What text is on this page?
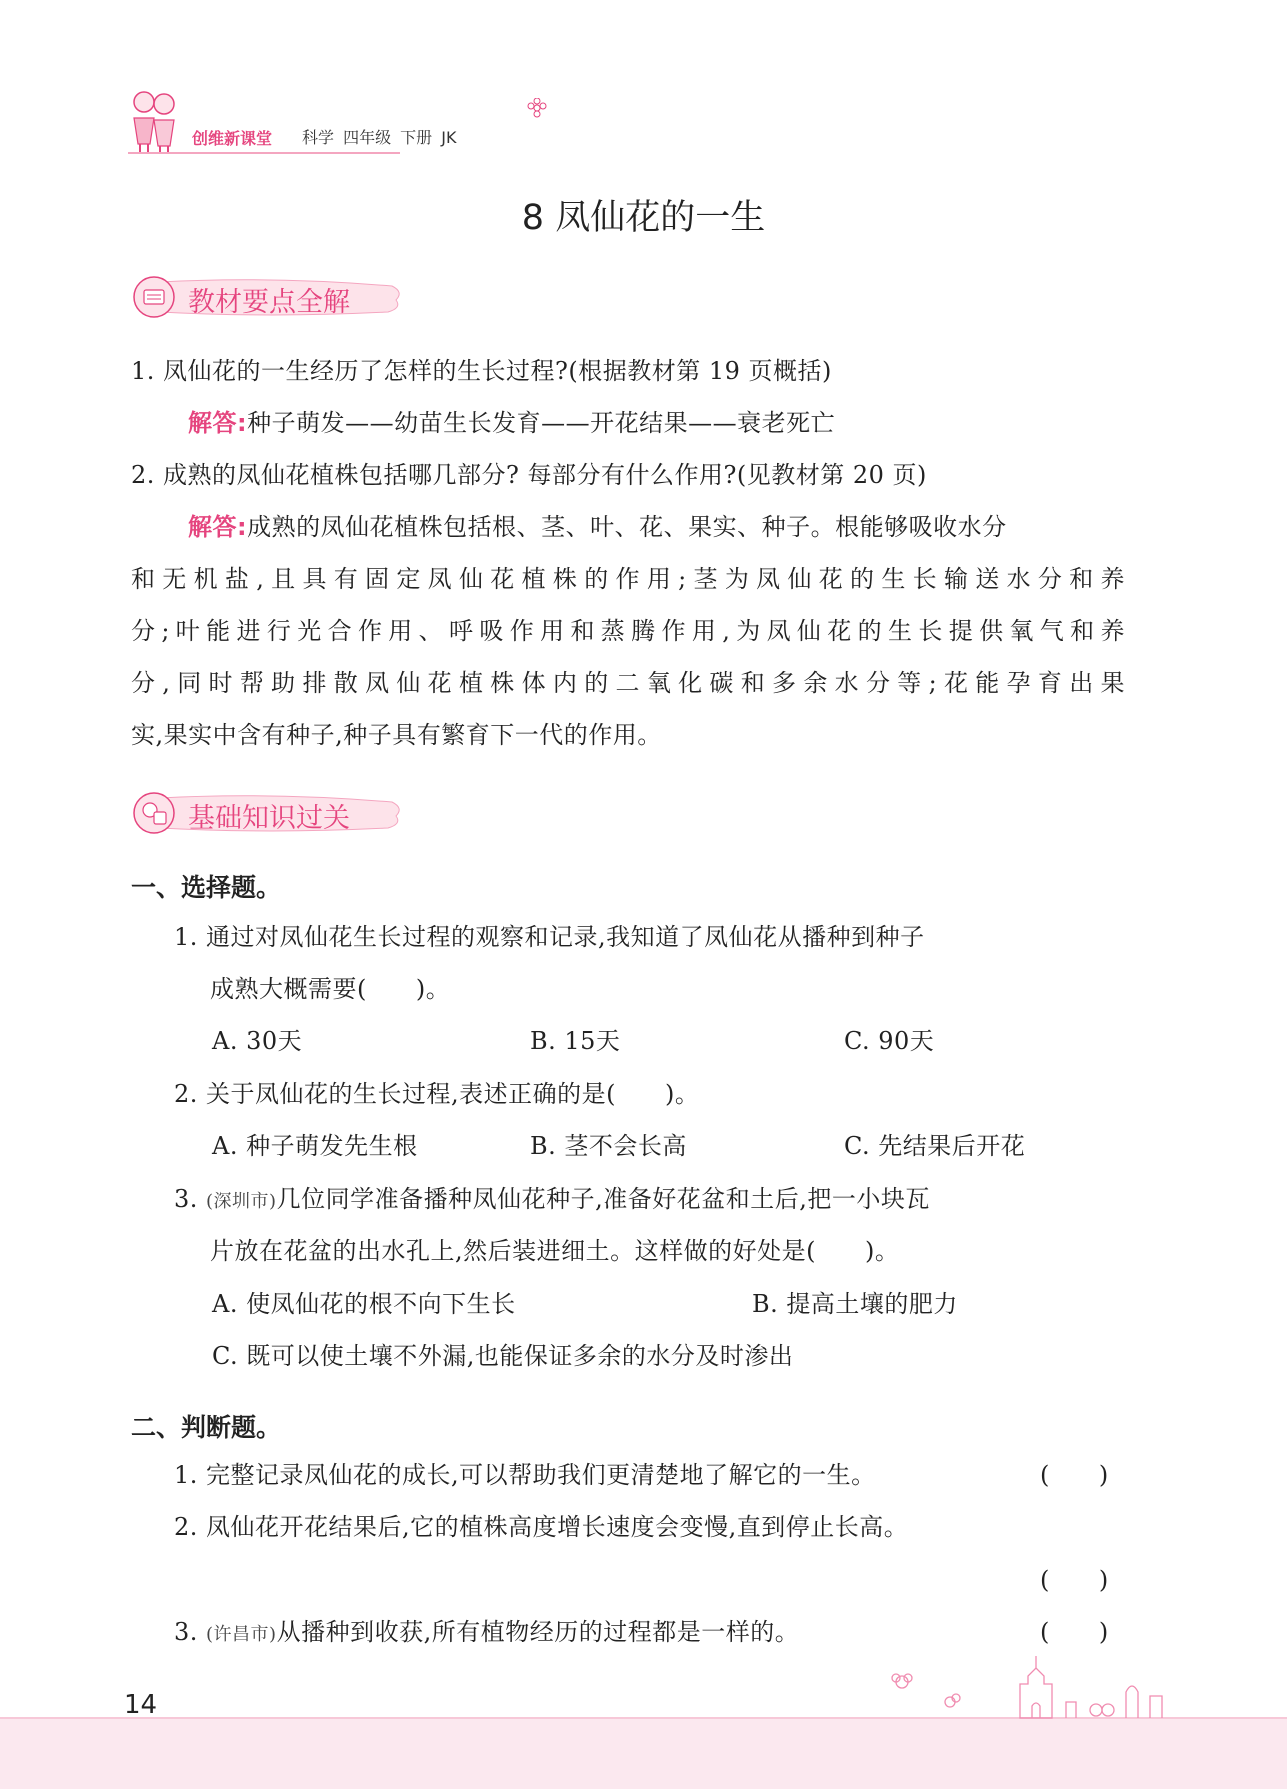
创维新课堂 科学 四年级 下册 JK
8 凤仙花的一生
教材要点全解
1. 凤仙花的一生经历了怎样的生长过程?(根据教材第 19 页概括)
解答:种子萌发——幼苗生长发育——开花结果——衰老死亡
2. 成熟的凤仙花植株包括哪几部分? 每部分有什么作用?(见教材第 20 页)
解答:成熟的凤仙花植株包括根、茎、叶、花、果实、种子。根能够吸收水分
和无机盐,且具有固定凤仙花植株的作用;茎为凤仙花的生长输送水分和养
分;叶能进行光合作用、呼吸作用和蒸腾作用,为凤仙花的生长提供氧气和养
分,同时帮助排散凤仙花植株体内的二氧化碳和多余水分等;花能孕育出果
实,果实中含有种子,种子具有繁育下一代的作用。
基础知识过关
一、选择题。
1. 通过对凤仙花生长过程的观察和记录,我知道了凤仙花从播种到种子
成熟大概需要(　　)。
A. 30天	B. 15天	C. 90天
2. 关于凤仙花的生长过程,表述正确的是(　　)。
A. 种子萌发先生根	B. 茎不会长高	C. 先结果后开花
3. (深圳市)几位同学准备播种凤仙花种子,准备好花盆和土后,把一小块瓦
片放在花盆的出水孔上,然后装进细土。这样做的好处是(　　)。
A. 使凤仙花的根不向下生长	B. 提高土壤的肥力
C. 既可以使土壤不外漏,也能保证多余的水分及时渗出
二、判断题。
1. 完整记录凤仙花的成长,可以帮助我们更清楚地了解它的一生。	(　　)
2. 凤仙花开花结果后,它的植株高度增长速度会变慢,直到停止长高。
(　　)
3. (许昌市)从播种到收获,所有植物经历的过程都是一样的。	(　　)
14
